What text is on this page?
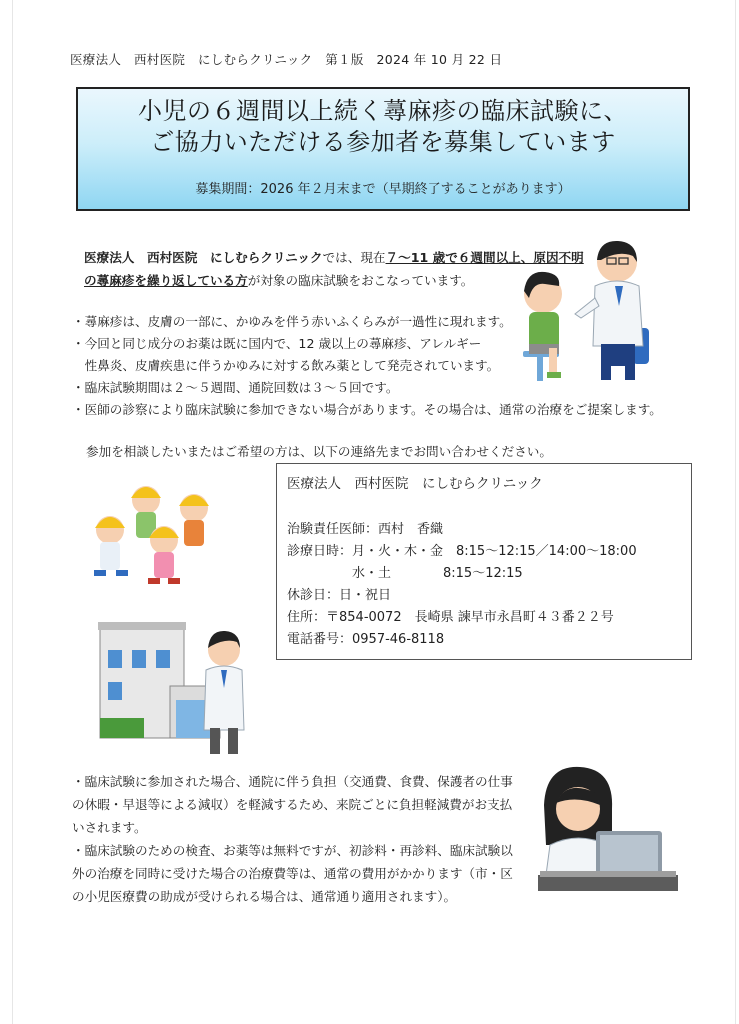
医療法人　西村医院　にしむらクリニック　第１版　2024 年 10 月 22 日
小児の６週間以上続く蕁麻疹の臨床試験に、
ご協力いただける参加者を募集しています
募集期間：2026 年２月末まで（早期終了することがあります）
医療法人　西村医院　にしむらクリニックでは、現在７～11 歳で６週間以上、原因不明
の蕁麻疹を繰り返している方が対象の臨床試験をおこなっています。
・蕁麻疹は、皮膚の一部に、かゆみを伴う赤いふくらみが一過性に現れます。
・今回と同じ成分のお薬は既に国内で、12 歳以上の蕁麻疹、アレルギー
　性鼻炎、皮膚疾患に伴うかゆみに対する飲み薬として発売されています。
・臨床試験期間は２～５週間、通院回数は３～５回です。
・医師の診察により臨床試験に参加できない場合があります。その場合は、通常の治療をご提案します。
参加を相談したいまたはご希望の方は、以下の連絡先までお問い合わせください。
医療法人　西村医院　にしむらクリニック
治験責任医師：西村　香織
診療日時：月・火・木・金　8:15～12:15／14:00～18:00
　　　　　水・土　　　　8:15～12:15
休診日：日・祝日
住所：〒854-0072　長崎県 諫早市永昌町４３番２２号
電話番号：0957-46-8118
・臨床試験に参加された場合、通院に伴う負担（交通費、食費、保護者の仕事
の休暇・早退等による減収）を軽減するため、来院ごとに負担軽減費がお支払
いされます。
・臨床試験のための検査、お薬等は無料ですが、初診料・再診料、臨床試験以
外の治療を同時に受けた場合の治療費等は、通常の費用がかかります（市・区
の小児医療費の助成が受けられる場合は、通常通り適用されます）。
